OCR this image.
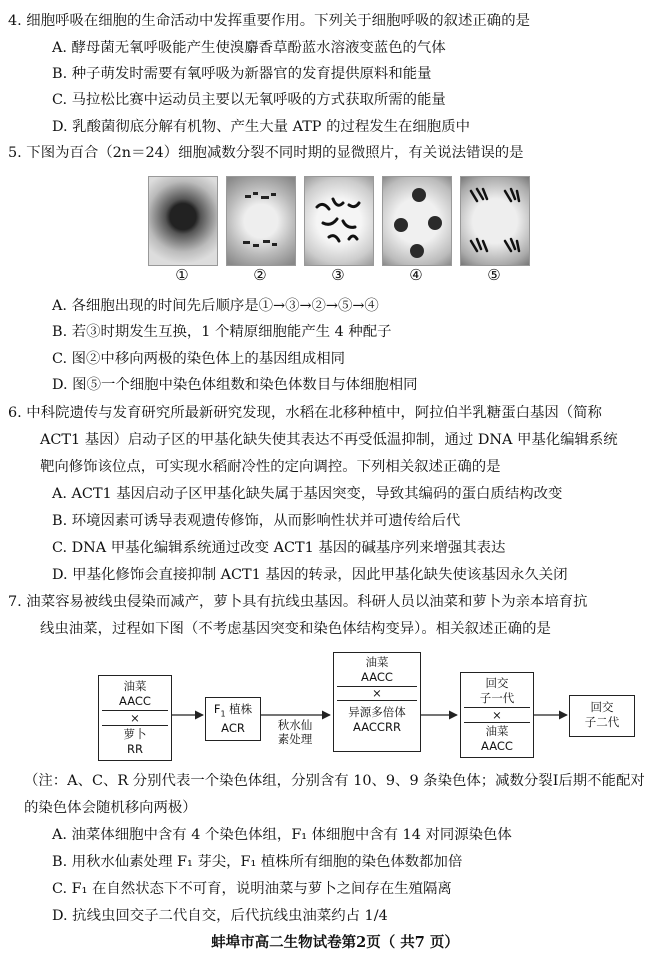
4. 细胞呼吸在细胞的生命活动中发挥重要作用。下列关于细胞呼吸的叙述正确的是
A. 酵母菌无氧呼吸能产生使溴麝香草酚蓝水溶液变蓝色的气体
B. 种子萌发时需要有氧呼吸为新器官的发育提供原料和能量
C. 马拉松比赛中运动员主要以无氧呼吸的方式获取所需的能量
D. 乳酸菌彻底分解有机物、产生大量 ATP 的过程发生在细胞质中
5. 下图为百合（2n＝24）细胞减数分裂不同时期的显微照片，有关说法错误的是
①	②	③	④	⑤
A. 各细胞出现的时间先后顺序是①→③→②→⑤→④
B. 若③时期发生互换，1 个精原细胞能产生 4 种配子
C. 图②中移向两极的染色体上的基因组成相同
D. 图⑤一个细胞中染色体组数和染色体数目与体细胞相同
6. 中科院遗传与发育研究所最新研究发现，水稻在北移种植中，阿拉伯半乳糖蛋白基因（简称
ACT1 基因）启动子区的甲基化缺失使其表达不再受低温抑制，通过 DNA 甲基化编辑系统
靶向修饰该位点，可实现水稻耐冷性的定向调控。下列相关叙述正确的是
A. ACT1 基因启动子区甲基化缺失属于基因突变，导致其编码的蛋白质结构改变
B. 环境因素可诱导表观遗传修饰，从而影响性状并可遗传给后代
C. DNA 甲基化编辑系统通过改变 ACT1 基因的碱基序列来增强其表达
D. 甲基化修饰会直接抑制 ACT1 基因的转录，因此甲基化缺失使该基因永久关闭
7. 油菜容易被线虫侵染而减产，萝卜具有抗线虫基因。科研人员以油菜和萝卜为亲本培育抗
线虫油菜，过程如下图（不考虑基因突变和染色体结构变异）。相关叙述正确的是
油菜
AACC
×
萝卜
RR
$F_1$ 植株
ACR	秋水仙
素处理
油菜
AACC
×
异源多倍体
AACCRR
回交
子一代
×
油菜
AACC
回交
子二代
（注：A、C、R 分别代表一个染色体组，分别含有 10、9、9 条染色体；减数分裂Ⅰ后期不能配对
的染色体会随机移向两极）
A. 油菜体细胞中含有 4 个染色体组，F₁ 体细胞中含有 14 对同源染色体
B. 用秋水仙素处理 F₁ 芽尖，F₁ 植株所有细胞的染色体数都加倍
C. F₁ 在自然状态下不可育，说明油菜与萝卜之间存在生殖隔离
D. 抗线虫回交子二代自交，后代抗线虫油菜约占 1/4
蚌埠市高二生物试卷第2页（ 共7 页）
